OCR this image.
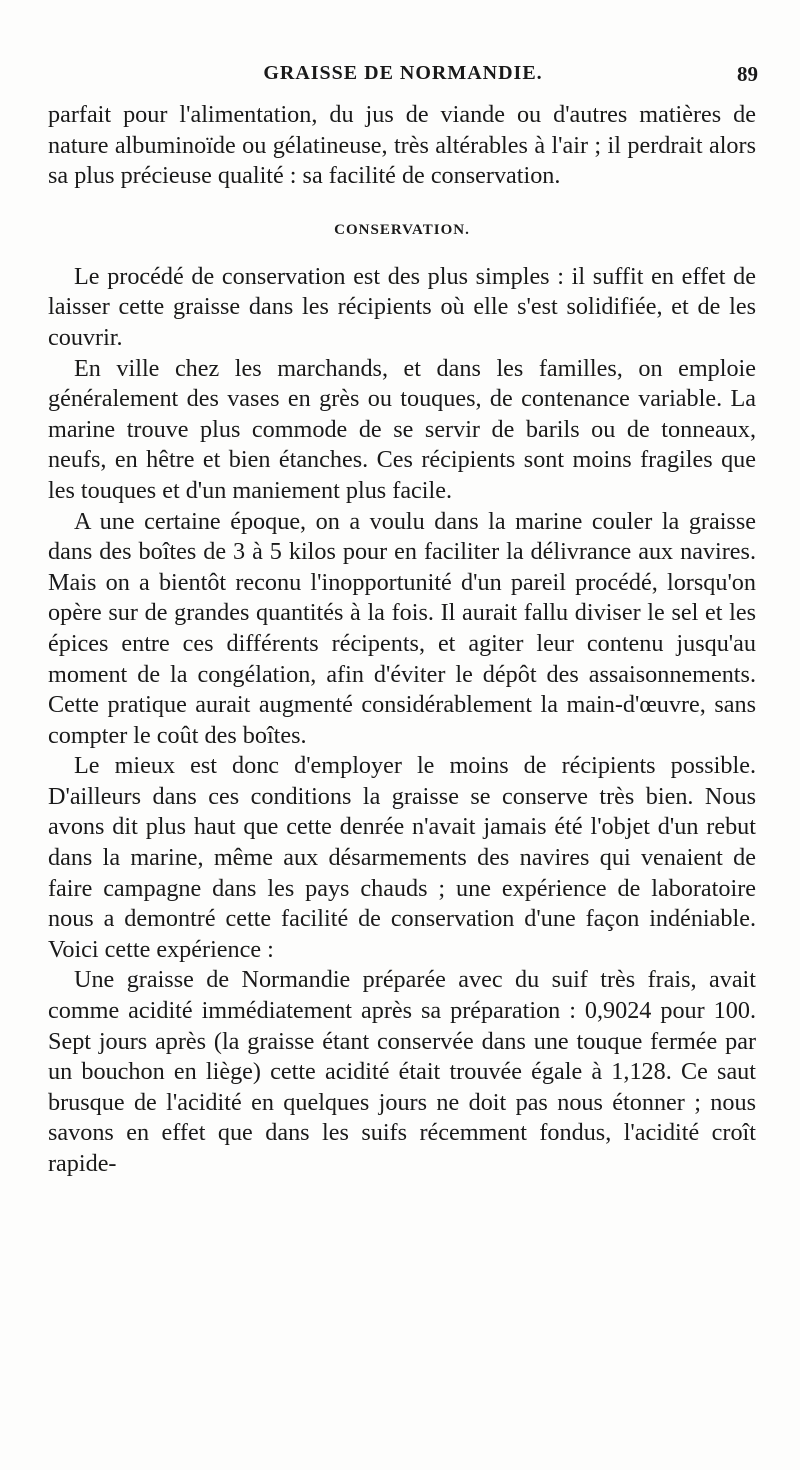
GRAISSE DE NORMANDIE.	89

parfait pour l'alimentation, du jus de viande ou d'autres matières de nature albuminoïde ou gélatineuse, très altérables à l'air ; il perdrait alors sa plus précieuse qualité : sa facilité de conservation.

CONSERVATION.

Le procédé de conservation est des plus simples : il suffit en effet de laisser cette graisse dans les récipients où elle s'est solidifiée, et de les couvrir.

En ville chez les marchands, et dans les familles, on emploie généralement des vases en grès ou touques, de contenance variable. La marine trouve plus commode de se servir de barils ou de tonneaux, neufs, en hêtre et bien étanches. Ces récipients sont moins fragiles que les touques et d'un maniement plus facile.

A une certaine époque, on a voulu dans la marine couler la graisse dans des boîtes de 3 à 5 kilos pour en faciliter la délivrance aux navires. Mais on a bientôt reconu l'inopportunité d'un pareil procédé, lorsqu'on opère sur de grandes quantités à la fois. Il aurait fallu diviser le sel et les épices entre ces différents récipents, et agiter leur contenu jusqu'au moment de la congélation, afin d'éviter le dépôt des assaisonnements. Cette pratique aurait augmenté considérablement la main-d'œuvre, sans compter le coût des boîtes.

Le mieux est donc d'employer le moins de récipients possible. D'ailleurs dans ces conditions la graisse se conserve très bien. Nous avons dit plus haut que cette denrée n'avait jamais été l'objet d'un rebut dans la marine, même aux désarmements des navires qui venaient de faire campagne dans les pays chauds ; une expérience de laboratoire nous a demontré cette facilité de conservation d'une façon indéniable. Voici cette expérience :

Une graisse de Normandie préparée avec du suif très frais, avait comme acidité immédiatement après sa préparation : 0,9024 pour 100. Sept jours après (la graisse étant conservée dans une touque fermée par un bouchon en liège) cette acidité était trouvée égale à 1,128. Ce saut brusque de l'acidité en quelques jours ne doit pas nous étonner ; nous savons en effet que dans les suifs récemment fondus, l'acidité croît rapide-
